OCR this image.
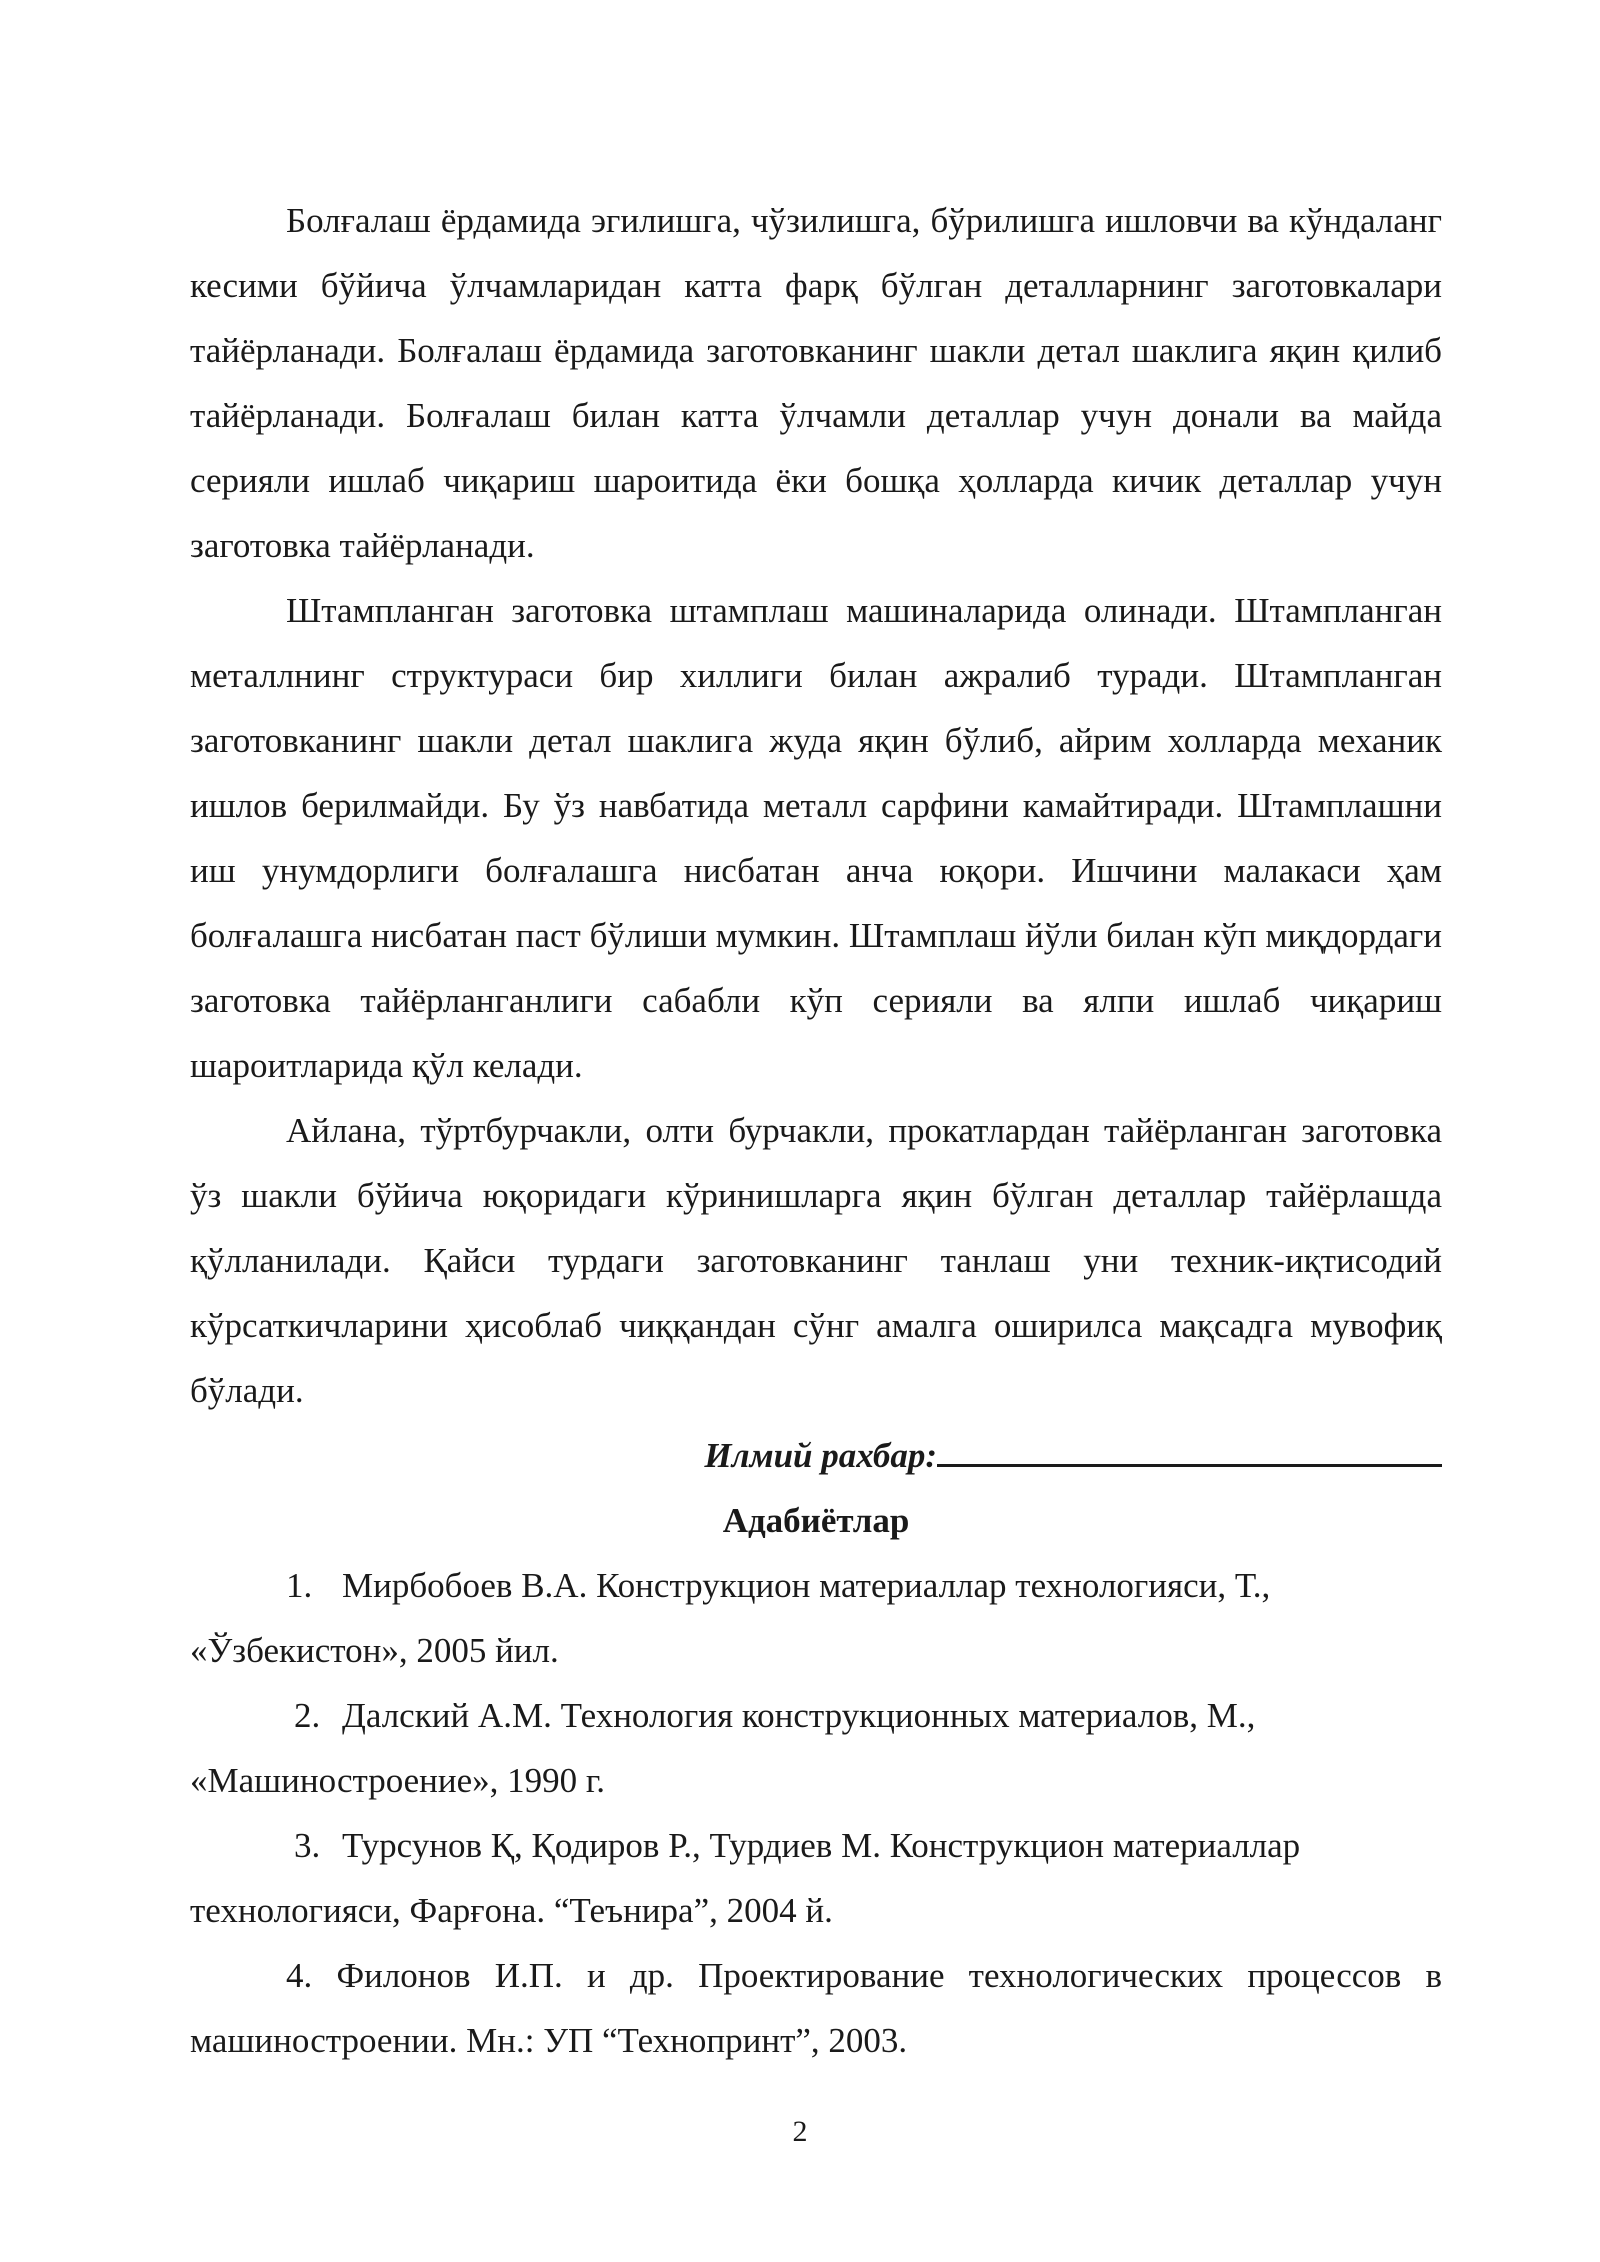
Болғалаш ёрдамида эгилишга, чўзилишга, бўрилишга ишловчи ва кўндаланг кесими бўйича ўлчамларидан катта фарқ бўлган деталларнинг заготовкалари тайёрланади. Болғалаш ёрдамида заготовканинг шакли детал шаклига яқин қилиб тайёрланади. Болғалаш билан катта ўлчамли деталлар учун донали ва майда серияли ишлаб чиқариш шароитида ёки бошқа ҳолларда кичик деталлар учун заготовка тайёрланади.

Штампланган заготовка штамплаш машиналарида олинади. Штампланган металлнинг структураси бир хиллиги билан ажралиб туради. Штампланган заготовканинг шакли детал шаклига жуда яқин бўлиб, айрим холларда механик ишлов берилмайди. Бу ўз навбатида металл сарфини камайтиради. Штамплашни иш унумдорлиги болғалашга нисбатан анча юқори. Ишчини малакаси ҳам болғалашга нисбатан паст бўлиши мумкин. Штамплаш йўли билан кўп миқдордаги заготовка тайёрланганлиги сабабли кўп серияли ва ялпи ишлаб чиқариш шароитларида қўл келади.

Айлана, тўртбурчакли, олти бурчакли, прокатлардан тайёрланган заготовка ўз шакли бўйича юқоридаги кўринишларга яқин бўлган деталлар тайёрлашда қўлланилади. Қайси турдаги заготовканинг танлаш уни техник-иқтисодий кўрсаткичларини ҳисоблаб чиққандан сўнг амалга оширилса мақсадга мувофиқ бўлади.

Илмий рахбар:

Адабиётлар

1. Мирбобоев В.А. Конструкцион материаллар технологияси, Т.,
«Ўзбекистон», 2005 йил.
2. Далский А.М. Технология конструкционных материалов, М.,
«Машиностроение», 1990 г.
3. Турсунов Қ, Қодиров Р., Турдиев М. Конструкцион материаллар
технологияси, Фарғона. “Теънира”, 2004 й.

4. Филонов И.П. и др. Проектирование технологических процессов в машиностроении. Мн.: УП “Технопринт”, 2003.

2
